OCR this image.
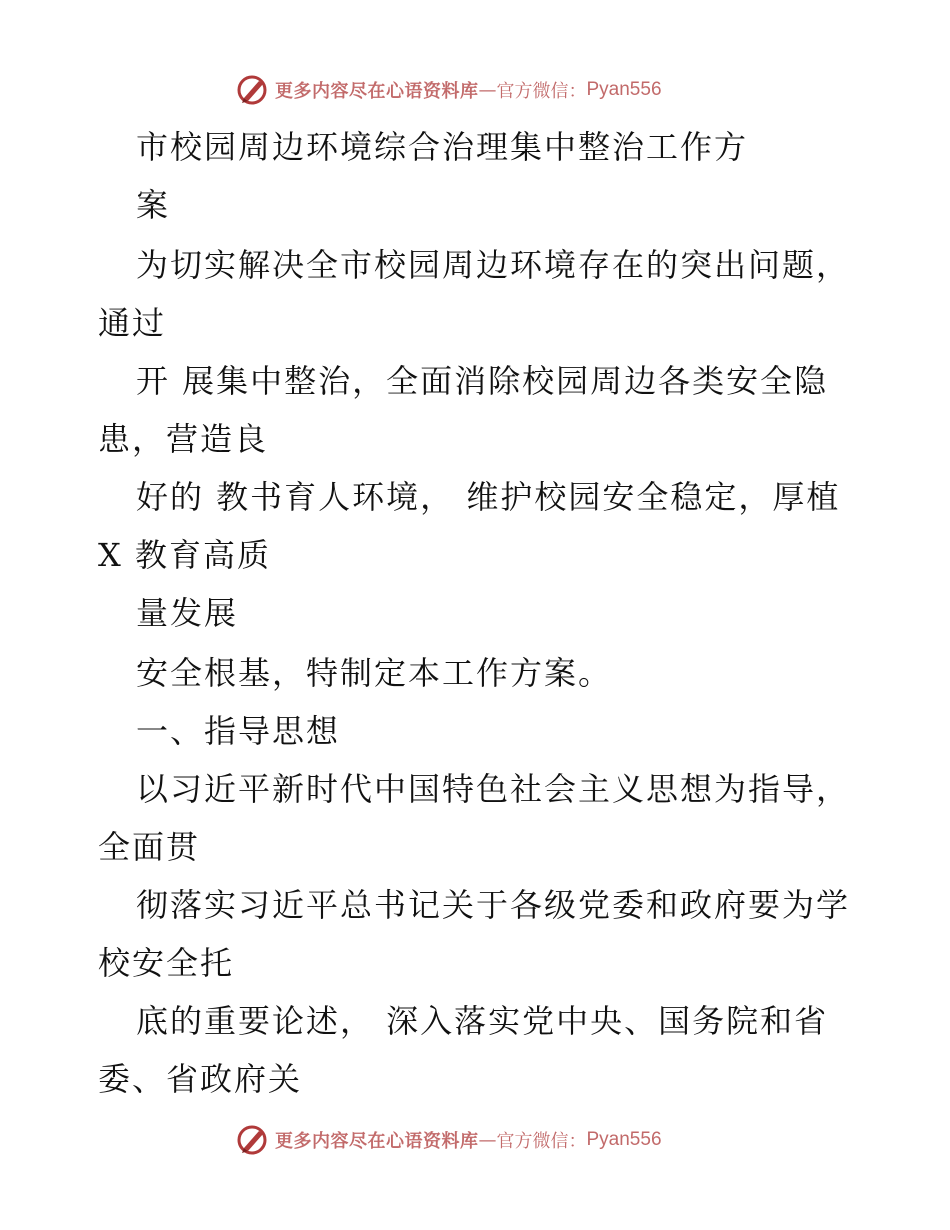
更多内容尽在心语资料库 — 官方微信： Pyan556
市校园周边环境综合治理集中整治工作方
案
为切实解决全市校园周边环境存在的突出问题，
通过
开 展集中整治，全面消除校园周边各类安全隐
患，营造良
好的 教书育人环境， 维护校园安全稳定，厚植
X 教育高质
量发展
安全根基，特制定本工作方案。
一、指导思想
以习近平新时代中国特色社会主义思想为指导，
全面贯
彻落实习近平总书记关于各级党委和政府要为学
校安全托
底的重要论述， 深入落实党中央、国务院和省
委、省政府关
更多内容尽在心语资料库 — 官方微信： Pyan556
